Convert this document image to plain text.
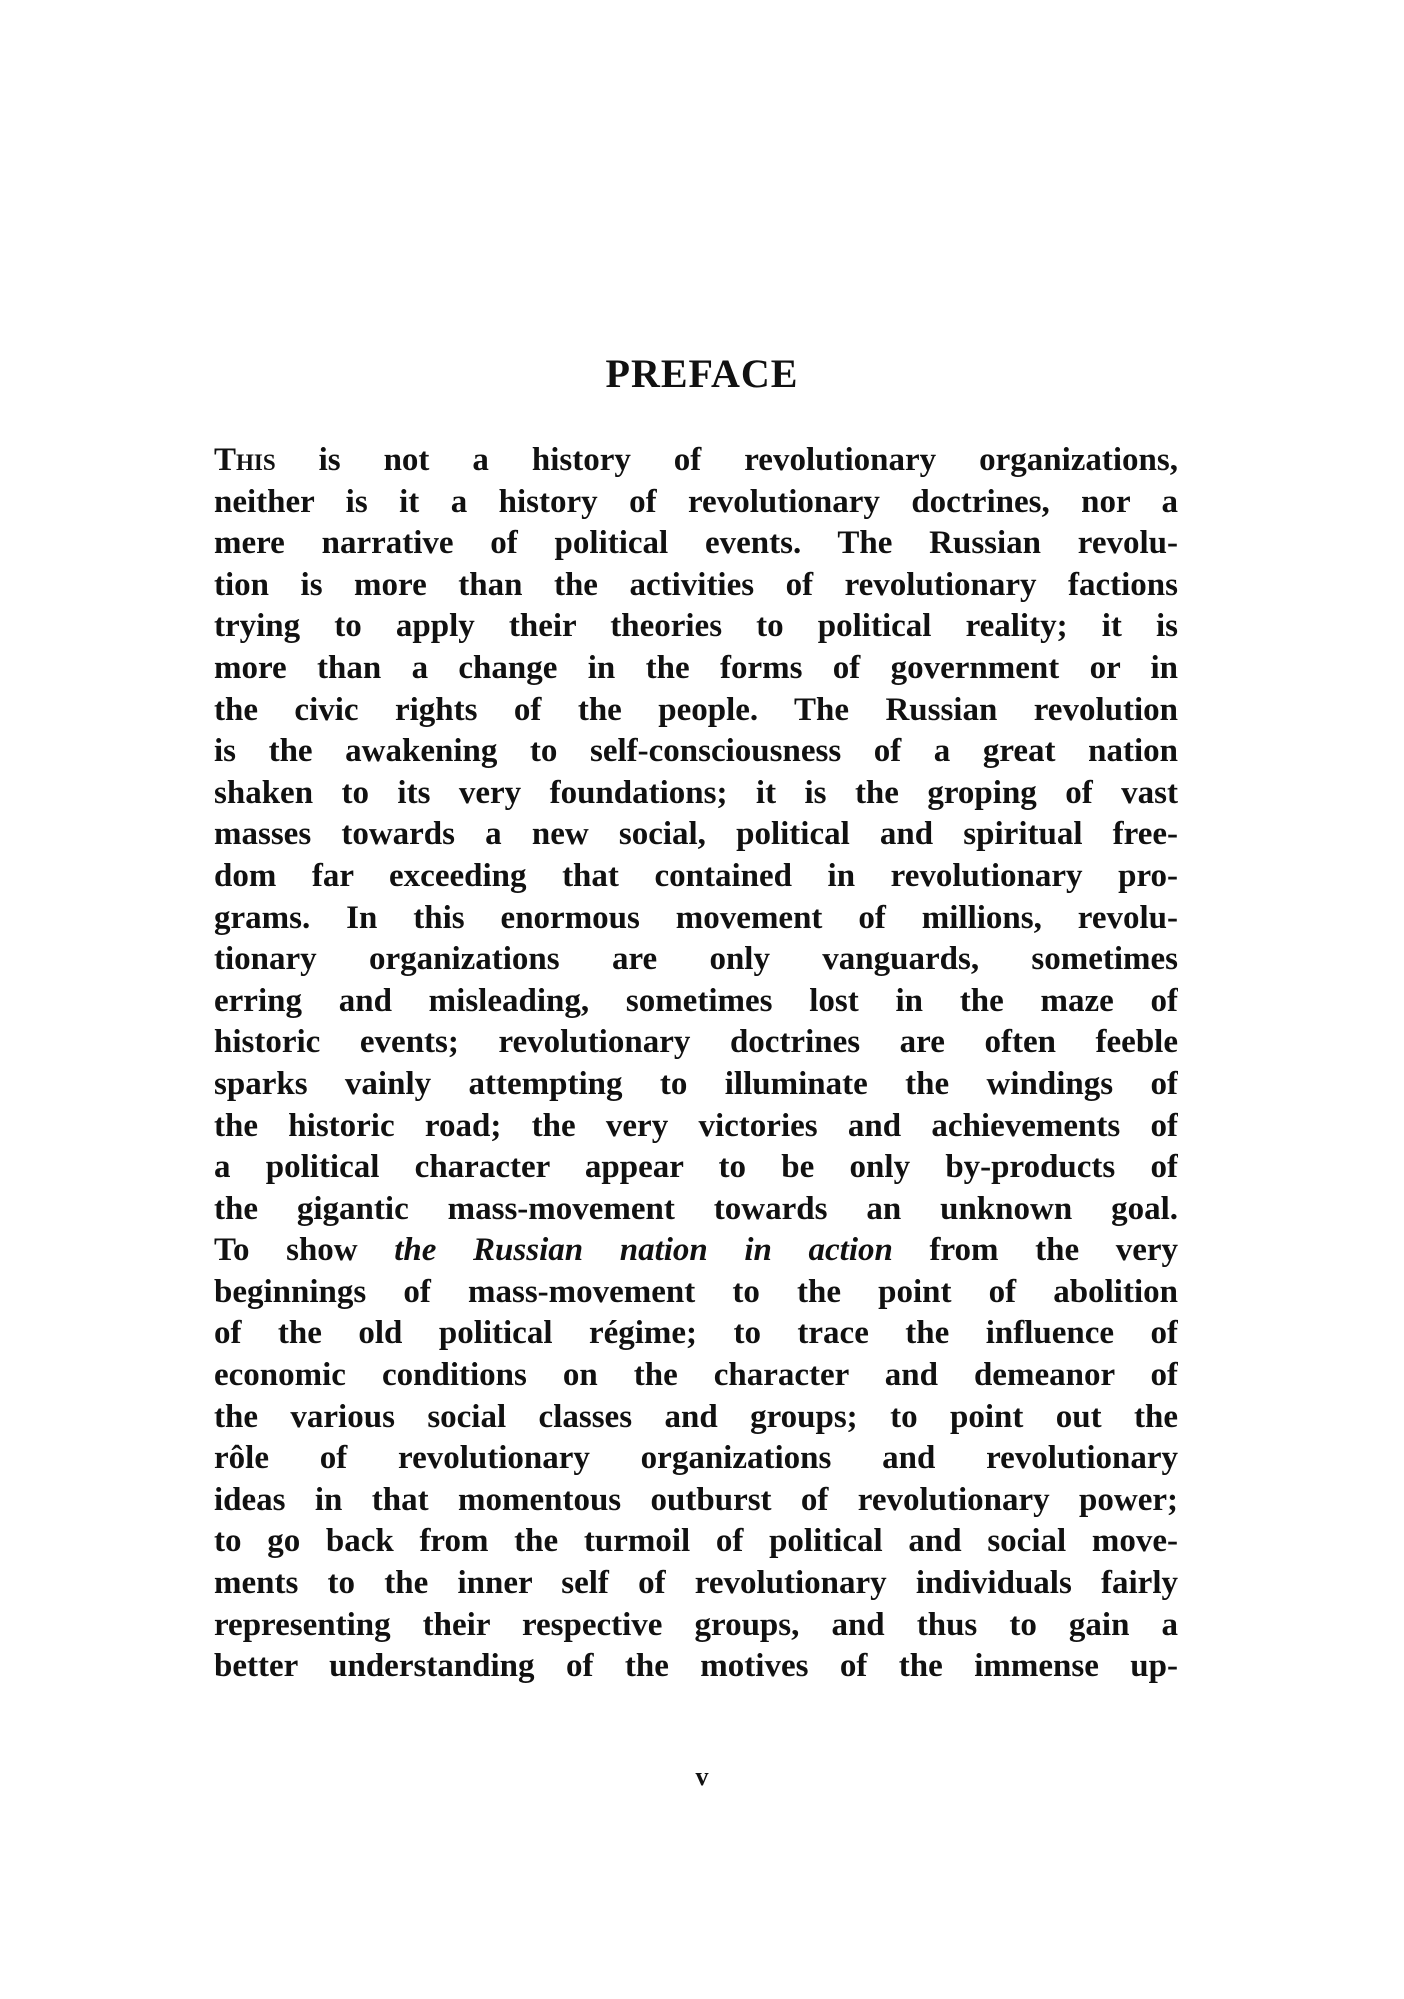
PREFACE
This is not a history of revolutionary organizations,
neither is it a history of revolutionary doctrines, nor a
mere narrative of political events. The Russian revolu-
tion is more than the activities of revolutionary factions
trying to apply their theories to political reality; it is
more than a change in the forms of government or in
the civic rights of the people. The Russian revolution
is the awakening to self-consciousness of a great nation
shaken to its very foundations; it is the groping of vast
masses towards a new social, political and spiritual free-
dom far exceeding that contained in revolutionary pro-
grams. In this enormous movement of millions, revolu-
tionary organizations are only vanguards, sometimes
erring and misleading, sometimes lost in the maze of
historic events; revolutionary doctrines are often feeble
sparks vainly attempting to illuminate the windings of
the historic road; the very victories and achievements of
a political character appear to be only by-products of
the gigantic mass-movement towards an unknown goal.
To show the Russian nation in action from the very
beginnings of mass-movement to the point of abolition
of the old political régime; to trace the influence of
economic conditions on the character and demeanor of
the various social classes and groups; to point out the
rôle of revolutionary organizations and revolutionary
ideas in that momentous outburst of revolutionary power;
to go back from the turmoil of political and social move-
ments to the inner self of revolutionary individuals fairly
representing their respective groups, and thus to gain a
better understanding of the motives of the immense up-
v
